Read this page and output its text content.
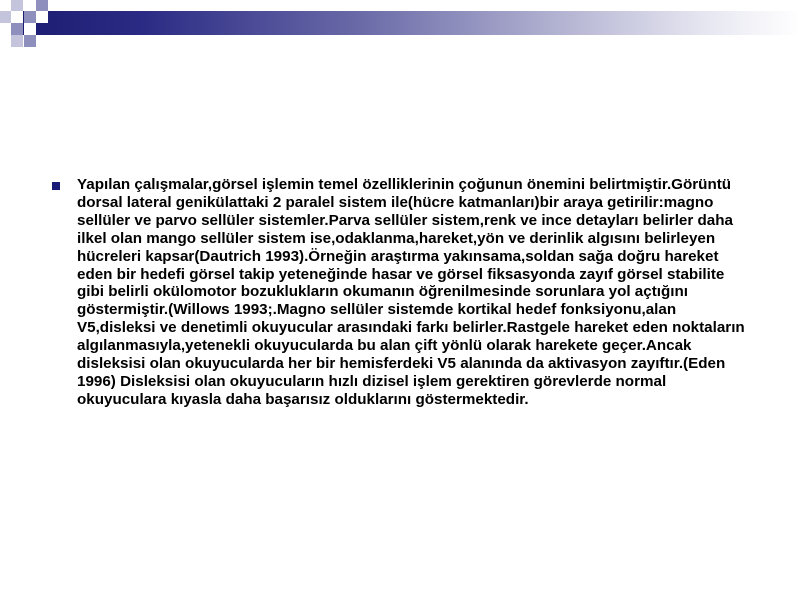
Yapılan çalışmalar,görsel işlemin temel özelliklerinin çoğunun önemini belirtmiştir.Görüntü dorsal lateral genikülattaki 2 paralel sistem ile(hücre katmanları)bir araya getirilir:magno sellüler ve parvo sellüler sistemler.Parva sellüler sistem,renk ve ince detayları belirler daha ilkel olan mango sellüler sistem ise,odaklanma,hareket,yön ve derinlik algısını belirleyen hücreleri kapsar(Dautrich 1993).Örneğin araştırma yakınsama,soldan sağa doğru hareket eden bir hedefi görsel takip yeteneğinde hasar ve görsel fiksasyonda zayıf görsel stabilite gibi belirli okülomotor bozuklukların okumanın öğrenilmesinde sorunlara yol açtığını göstermiştir.(Willows 1993;.Magno sellüler sistemde kortikal hedef fonksiyonu,alan V5,disleksi ve denetimli okuyucular arasındaki farkı belirler.Rastgele hareket eden noktaların algılanmasıyla,yetenekli okuyucularda bu alan çift yönlü olarak harekete geçer.Ancak disleksisi olan okuyucularda her bir hemisferdeki V5 alanında da aktivasyon zayıftır.(Eden 1996) Disleksisi olan okuyucuların hızlı dizisel işlem gerektiren görevlerde normal okuyuculara kıyasla daha başarısız olduklarını göstermektedir.
